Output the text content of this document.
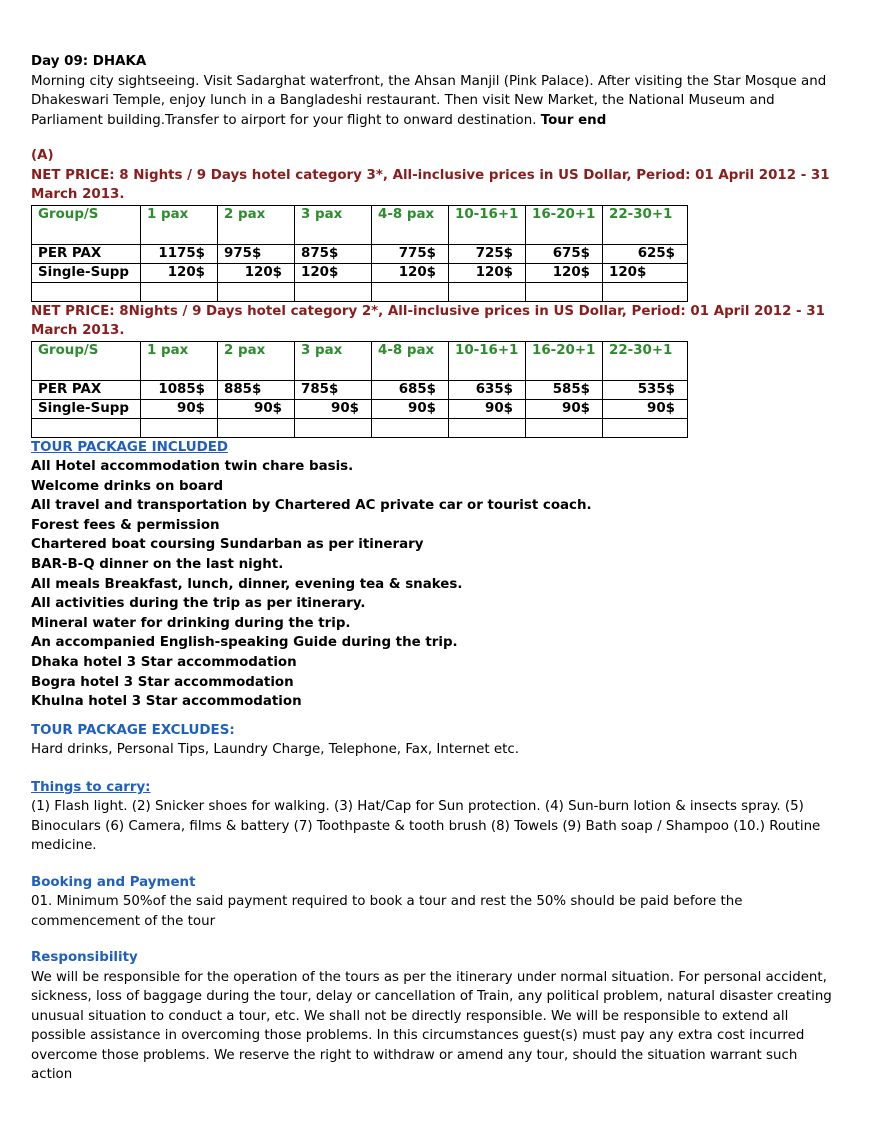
Day 09: DHAKA

Morning city sightseeing. Visit Sadarghat waterfront, the Ahsan Manjil (Pink Palace). After visiting the Star Mosque and Dhakeswari Temple, enjoy lunch in a Bangladeshi restaurant. Then visit New Market, the National Museum and Parliament building.Transfer to airport for your flight to onward destination. Tour end

(A)

NET PRICE: 8 Nights / 9 Days hotel category 3*, All-inclusive prices in US Dollar, Period: 01 April 2012 - 31 March 2013.

Group/S	1 pax	2 pax	3 pax	4-8 pax	10-16+1	16-20+1	22-30+1
PER PAX	1175$	975$	875$	775$	725$	675$	625$
Single-Supp	120$	120$	120$	120$	120$	120$	120$

NET PRICE: 8Nights / 9 Days hotel category 2*, All-inclusive prices in US Dollar, Period: 01 April 2012 - 31 March 2013.

Group/S	1 pax	2 pax	3 pax	4-8 pax	10-16+1	16-20+1	22-30+1
PER PAX	1085$	885$	785$	685$	635$	585$	535$
Single-Supp	90$	90$	90$	90$	90$	90$	90$

TOUR PACKAGE INCLUDED

All Hotel accommodation twin chare basis.
Welcome drinks on board
All travel and transportation by Chartered AC private car or tourist coach.
Forest fees & permission
Chartered boat coursing Sundarban as per itinerary
BAR-B-Q dinner on the last night.
All meals Breakfast, lunch, dinner, evening tea & snakes.
All activities during the trip as per itinerary.
Mineral water for drinking during the trip.
An accompanied English-speaking Guide during the trip.
Dhaka hotel 3 Star accommodation
Bogra hotel 3 Star accommodation
Khulna hotel 3 Star accommodation

TOUR PACKAGE EXCLUDES:

Hard drinks, Personal Tips, Laundry Charge, Telephone, Fax, Internet etc.

Things to carry:

(1) Flash light. (2) Snicker shoes for walking. (3) Hat/Cap for Sun protection. (4) Sun-burn lotion & insects spray. (5) Binoculars (6) Camera, films & battery (7) Toothpaste & tooth brush (8) Towels (9) Bath soap / Shampoo (10.) Routine medicine.

Booking and Payment

01. Minimum 50%of the said payment required to book a tour and rest the 50% should be paid before the commencement of the tour

Responsibility

We will be responsible for the operation of the tours as per the itinerary under normal situation. For personal accident, sickness, loss of baggage during the tour, delay or cancellation of Train, any political problem, natural disaster creating unusual situation to conduct a tour, etc. We shall not be directly responsible. We will be responsible to extend all possible assistance in overcoming those problems. In this circumstances guest(s) must pay any extra cost incurred overcome those problems. We reserve the right to withdraw or amend any tour, should the situation warrant such action
